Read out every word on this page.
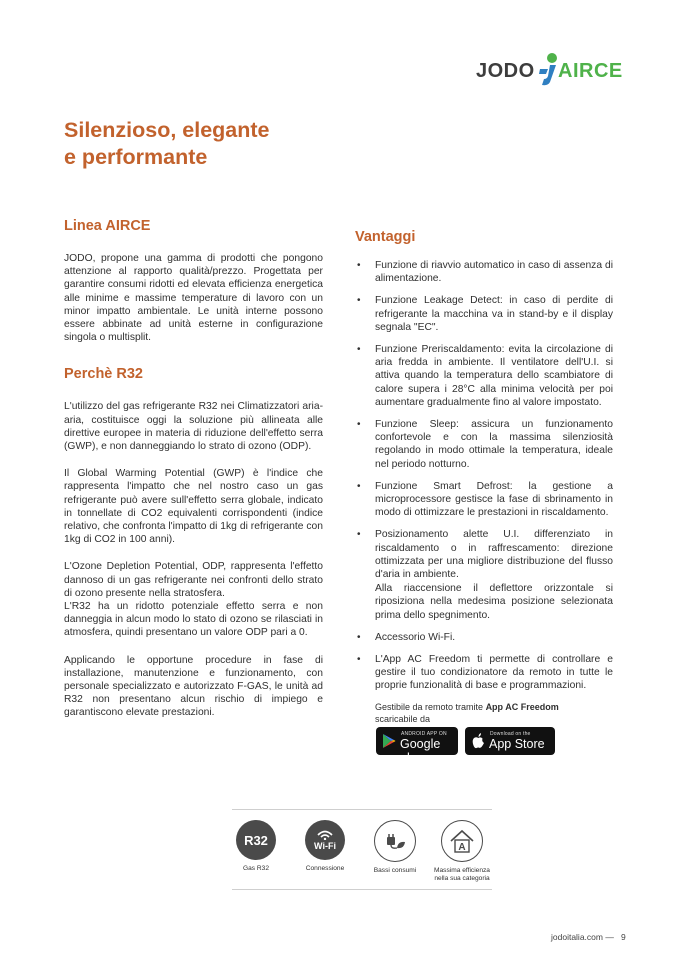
JODO AIRCE
Silenzioso, elegante
e performante
Linea AIRCE

JODO, propone una gamma di prodotti che pongono attenzione al rapporto qualità/prezzo. Progettata per garantire consumi ridotti ed elevata efficienza energetica alle minime e massime temperature di lavoro con un minor impatto ambientale. Le unità interne possono essere abbinate ad unità esterne in configurazione singola o multisplit.

Perchè R32

L'utilizzo del gas refrigerante R32 nei Climatizzatori aria-aria, costituisce oggi la soluzione più allineata alle direttive europee in materia di riduzione dell'effetto serra (GWP), e non danneggiando lo strato di ozono (ODP).

Il Global Warming Potential (GWP) è l'indice che rappresenta l'impatto che nel nostro caso un gas refrigerante può avere sull'effetto serra globale, indicato in tonnellate di CO2 equivalenti corrispondenti (indice relativo, che confronta l'impatto di 1kg di refrigerante con 1kg di CO2 in 100 anni).

L'Ozone Depletion Potential, ODP, rappresenta l'effetto dannoso di un gas refrigerante nei confronti dello strato di ozono presente nella stratosfera.

L'R32 ha un ridotto potenziale effetto serra e non danneggia in alcun modo lo stato di ozono se rilasciati in atmosfera, quindi presentano un valore ODP pari a 0.

Applicando le opportune procedure in fase di installazione, manutenzione e funzionamento, con personale specializzato e autorizzato F-GAS, le unità ad R32 non presentano alcun rischio di impiego e garantiscono elevate prestazioni.

Vantaggi
• Funzione di riavvio automatico in caso di assenza di alimentazione.
• Funzione Leakage Detect: in caso di perdite di refrigerante la macchina va in stand-by e il display segnala "EC".
• Funzione Preriscaldamento: evita la circolazione di aria fredda in ambiente. Il ventilatore dell'U.I. si attiva quando la temperatura dello scambiatore di calore supera i 28°C alla minima velocità per poi aumentare gradualmente fino al valore impostato.
• Funzione Sleep: assicura un funzionamento confortevole e con la massima silenziosità regolando in modo ottimale la temperatura, ideale nel periodo notturno.
• Funzione Smart Defrost: la gestione a microprocessore gestisce la fase di sbrinamento in modo di ottimizzare le prestazioni in riscaldamento.
• Posizionamento alette U.I. differenziato in riscaldamento o in raffrescamento: direzione ottimizzata per una migliore distribuzione del flusso d'aria in ambiente.
Alla riaccensione il deflettore orizzontale si riposiziona nella medesima posizione selezionata prima dello spegnimento.
• Accessorio Wi-Fi.
• L'App AC Freedom ti permette di controllare e gestire il tuo condizionatore da remoto in tutte le proprie funzionalità di base e programmazioni.
Gestibile da remoto tramite App AC Freedom
scaricabile da
ANDROID APP ON
Google play
Download on the
App Store
R32
Gas R32
Wi-Fi
Connessione	Bassi consumi
A
Massima efficienza nella sua categoria
jodoitalia.com — 9
